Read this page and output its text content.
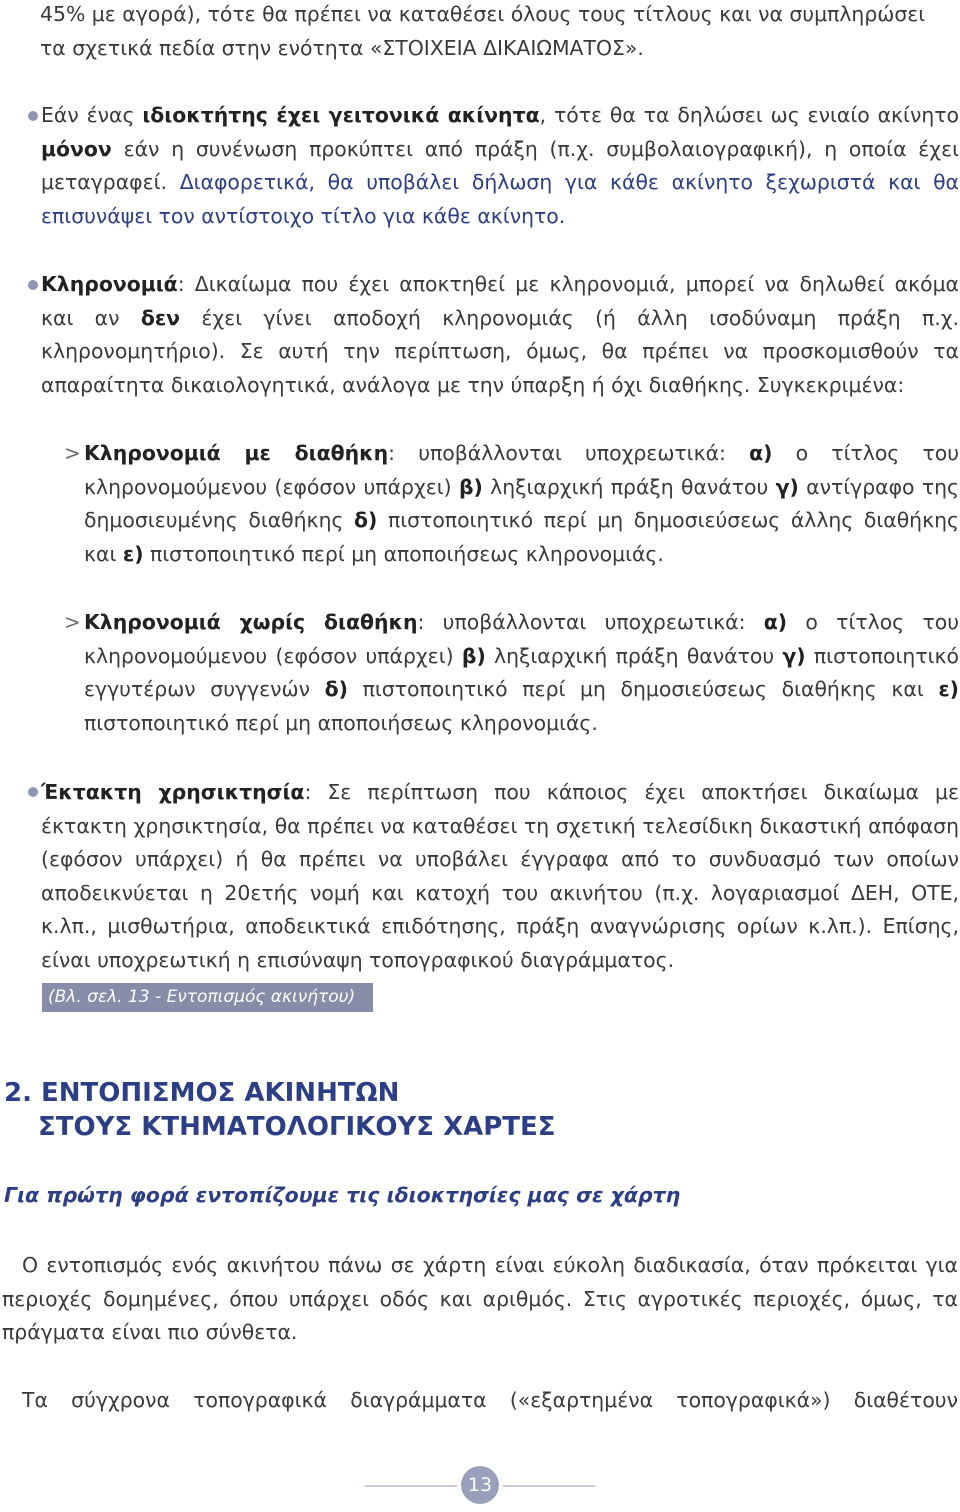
45% με αγορά), τότε θα πρέπει να καταθέσει όλους τους τίτλους και να συμπληρώσει
τα σχετικά πεδία στην ενότητα «ΣΤΟΙΧΕΙΑ ΔΙΚΑΙΩΜΑΤΟΣ».
Εάν ένας ιδιοκτήτης έχει γειτονικά ακίνητα, τότε θα τα δηλώσει ως ενιαίο ακίνητο μόνον εάν η συνένωση προκύπτει από πράξη (π.χ. συμβολαιογραφική), η οποία έχει μεταγραφεί. Διαφορετικά, θα υποβάλει δήλωση για κάθε ακίνητο ξεχωριστά και θα επισυνάψει τον αντίστοιχο τίτλο για κάθε ακίνητο.
Κληρονομιά: Δικαίωμα που έχει αποκτηθεί με κληρονομιά, μπορεί να δηλωθεί ακόμα και αν δεν έχει γίνει αποδοχή κληρονομιάς (ή άλλη ισοδύναμη πράξη π.χ. κληρονομητήριο). Σε αυτή την περίπτωση, όμως, θα πρέπει να προσκομισθούν τα απαραίτητα δικαιολογητικά, ανάλογα με την ύπαρξη ή όχι διαθήκης. Συγκεκριμένα:
> Κληρονομιά με διαθήκη: υποβάλλονται υποχρεωτικά: α) ο τίτλος του κληρονομούμενου (εφόσον υπάρχει) β) ληξιαρχική πράξη θανάτου γ) αντίγραφο της δημοσιευμένης διαθήκης δ) πιστοποιητικό περί μη δημοσιεύσεως άλλης διαθήκης και ε) πιστοποιητικό περί μη αποποιήσεως κληρονομιάς.
> Κληρονομιά χωρίς διαθήκη: υποβάλλονται υποχρεωτικά: α) ο τίτλος του κληρονομούμενου (εφόσον υπάρχει) β) ληξιαρχική πράξη θανάτου γ) πιστοποιητικό εγγυτέρων συγγενών δ) πιστοποιητικό περί μη δημοσιεύσεως διαθήκης και ε) πιστοποιητικό περί μη αποποιήσεως κληρονομιάς.
Έκτακτη χρησικτησία: Σε περίπτωση που κάποιος έχει αποκτήσει δικαίωμα με έκτακτη χρησικτησία, θα πρέπει να καταθέσει τη σχετική τελεσίδικη δικαστική απόφαση (εφόσον υπάρχει) ή θα πρέπει να υποβάλει έγγραφα από το συνδυασμό των οποίων αποδεικνύεται η 20ετής νομή και κατοχή του ακινήτου (π.χ. λογαριασμοί ΔΕΗ, ΟΤΕ, κ.λπ., μισθωτήρια, αποδεικτικά επιδότησης, πράξη αναγνώρισης ορίων κ.λπ.). Επίσης, είναι υποχρεωτική η επισύναψη τοπογραφικού διαγράμματος.
(Βλ. σελ. 13 - Εντοπισμός ακινήτου)
2. ΕΝΤΟΠΙΣΜΟΣ ΑΚΙΝΗΤΩΝ
ΣΤΟΥΣ ΚΤΗΜΑΤΟΛΟΓΙΚΟΥΣ ΧΑΡΤΕΣ
Για πρώτη φορά εντοπίζουμε τις ιδιοκτησίες μας σε χάρτη
Ο εντοπισμός ενός ακινήτου πάνω σε χάρτη είναι εύκολη διαδικασία, όταν πρόκειται για περιοχές δομημένες, όπου υπάρχει οδός και αριθμός. Στις αγροτικές περιοχές, όμως, τα πράγματα είναι πιο σύνθετα.
Τα σύγχρονα τοπογραφικά διαγράμματα («εξαρτημένα τοπογραφικά») διαθέτουν
13
